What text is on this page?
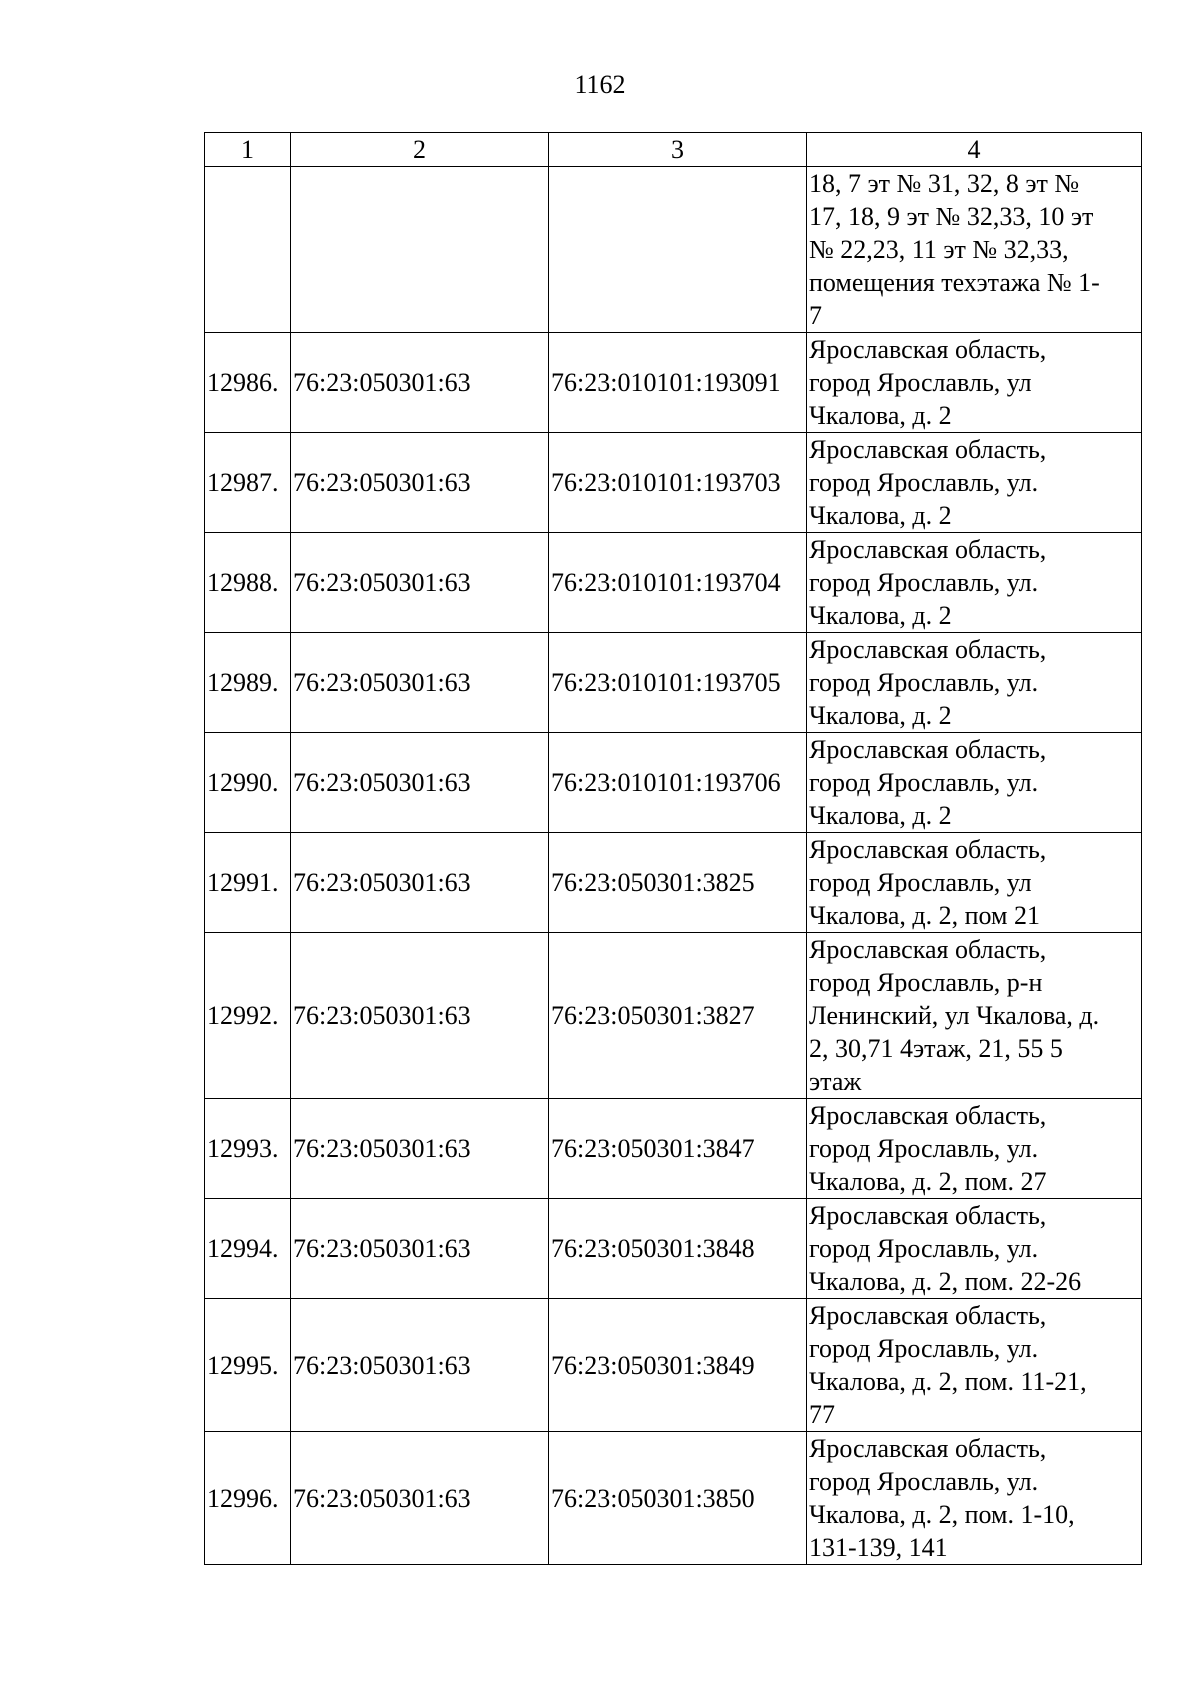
1162
1	2	3	4

			18, 7 эт № 31, 32, 8 эт №
17, 18, 9 эт № 32,33, 10 эт
№ 22,23, 11 эт № 32,33,
помещения техэтажа № 1-
7

12986.	76:23:050301:63	76:23:010101:193091	Ярославская область,
город Ярославль, ул
Чкалова, д. 2

12987.	76:23:050301:63	76:23:010101:193703	Ярославская область,
город Ярославль, ул.
Чкалова, д. 2

12988.	76:23:050301:63	76:23:010101:193704	Ярославская область,
город Ярославль, ул.
Чкалова, д. 2

12989.	76:23:050301:63	76:23:010101:193705	Ярославская область,
город Ярославль, ул.
Чкалова, д. 2

12990.	76:23:050301:63	76:23:010101:193706	Ярославская область,
город Ярославль, ул.
Чкалова, д. 2

12991.	76:23:050301:63	76:23:050301:3825	Ярославская область,
город Ярославль, ул
Чкалова, д. 2, пом 21

12992.	76:23:050301:63	76:23:050301:3827	Ярославская область,
город Ярославль, р-н
Ленинский, ул Чкалова, д.
2, 30,71 4этаж, 21, 55 5
этаж

12993.	76:23:050301:63	76:23:050301:3847	Ярославская область,
город Ярославль, ул.
Чкалова, д. 2, пом. 27

12994.	76:23:050301:63	76:23:050301:3848	Ярославская область,
город Ярославль, ул.
Чкалова, д. 2, пом. 22-26

12995.	76:23:050301:63	76:23:050301:3849	Ярославская область,
город Ярославль, ул.
Чкалова, д. 2, пом. 11-21,
77

12996.	76:23:050301:63	76:23:050301:3850	Ярославская область,
город Ярославль, ул.
Чкалова, д. 2, пом. 1-10,
131-139, 141
